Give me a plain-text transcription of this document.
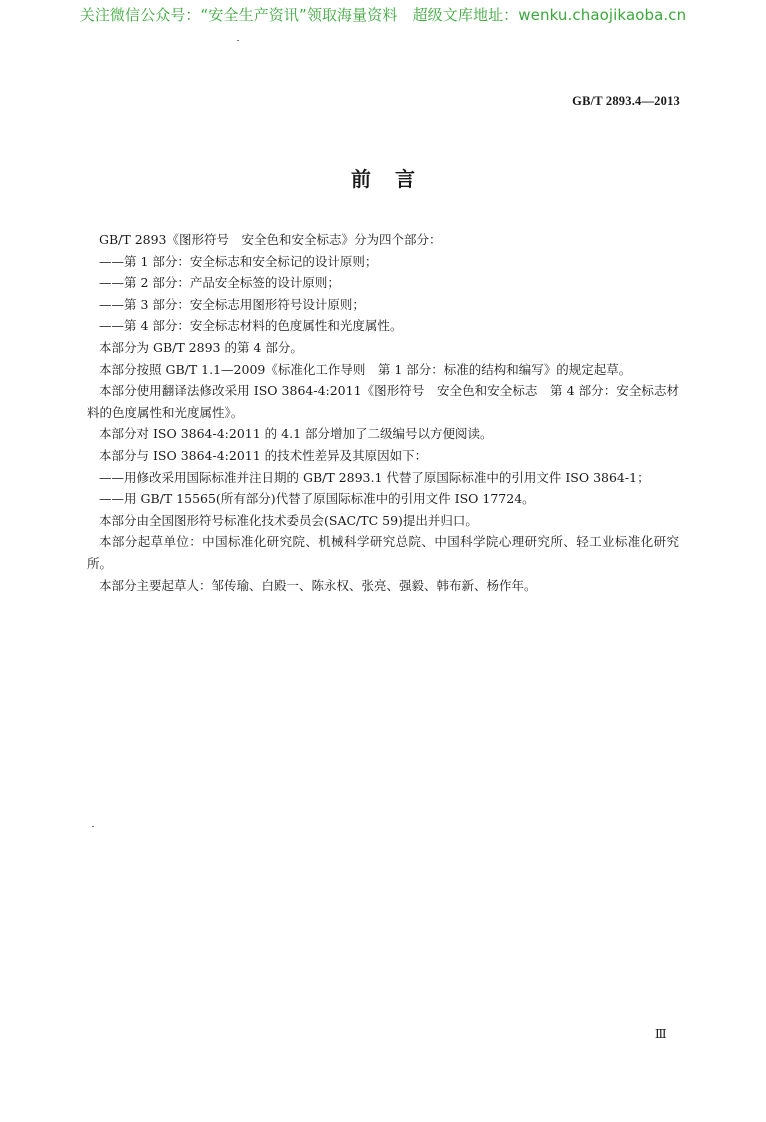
关注微信公众号：“安全生产资讯”领取海量资料　超级文库地址：wenku.chaojikaoba.cn
GB/T 2893.4—2013
前言

GB/T 2893《图形符号　安全色和安全标志》分为四个部分：

——第 1 部分：安全标志和安全标记的设计原则；

——第 2 部分：产品安全标签的设计原则；

——第 3 部分：安全标志用图形符号设计原则；

——第 4 部分：安全标志材料的色度属性和光度属性。

本部分为 GB/T 2893 的第 4 部分。

本部分按照 GB/T 1.1—2009《标准化工作导则　第 1 部分：标准的结构和编写》的规定起草。

本部分使用翻译法修改采用 ISO 3864-4:2011《图形符号　安全色和安全标志　第 4 部分：安全标志材料的色度属性和光度属性》。

本部分对 ISO 3864-4:2011 的 4.1 部分增加了二级编号以方便阅读。

本部分与 ISO 3864-4:2011 的技术性差异及其原因如下：

——用修改采用国际标准并注日期的 GB/T 2893.1 代替了原国际标准中的引用文件 ISO 3864-1；

——用 GB/T 15565(所有部分)代替了原国际标准中的引用文件 ISO 17724。

本部分由全国图形符号标准化技术委员会(SAC/TC 59)提出并归口。

本部分起草单位：中国标准化研究院、机械科学研究总院、中国科学院心理研究所、轻工业标准化研究所。

本部分主要起草人：邹传瑜、白殿一、陈永权、张亮、强毅、韩布新、杨作年。

Ⅲ
